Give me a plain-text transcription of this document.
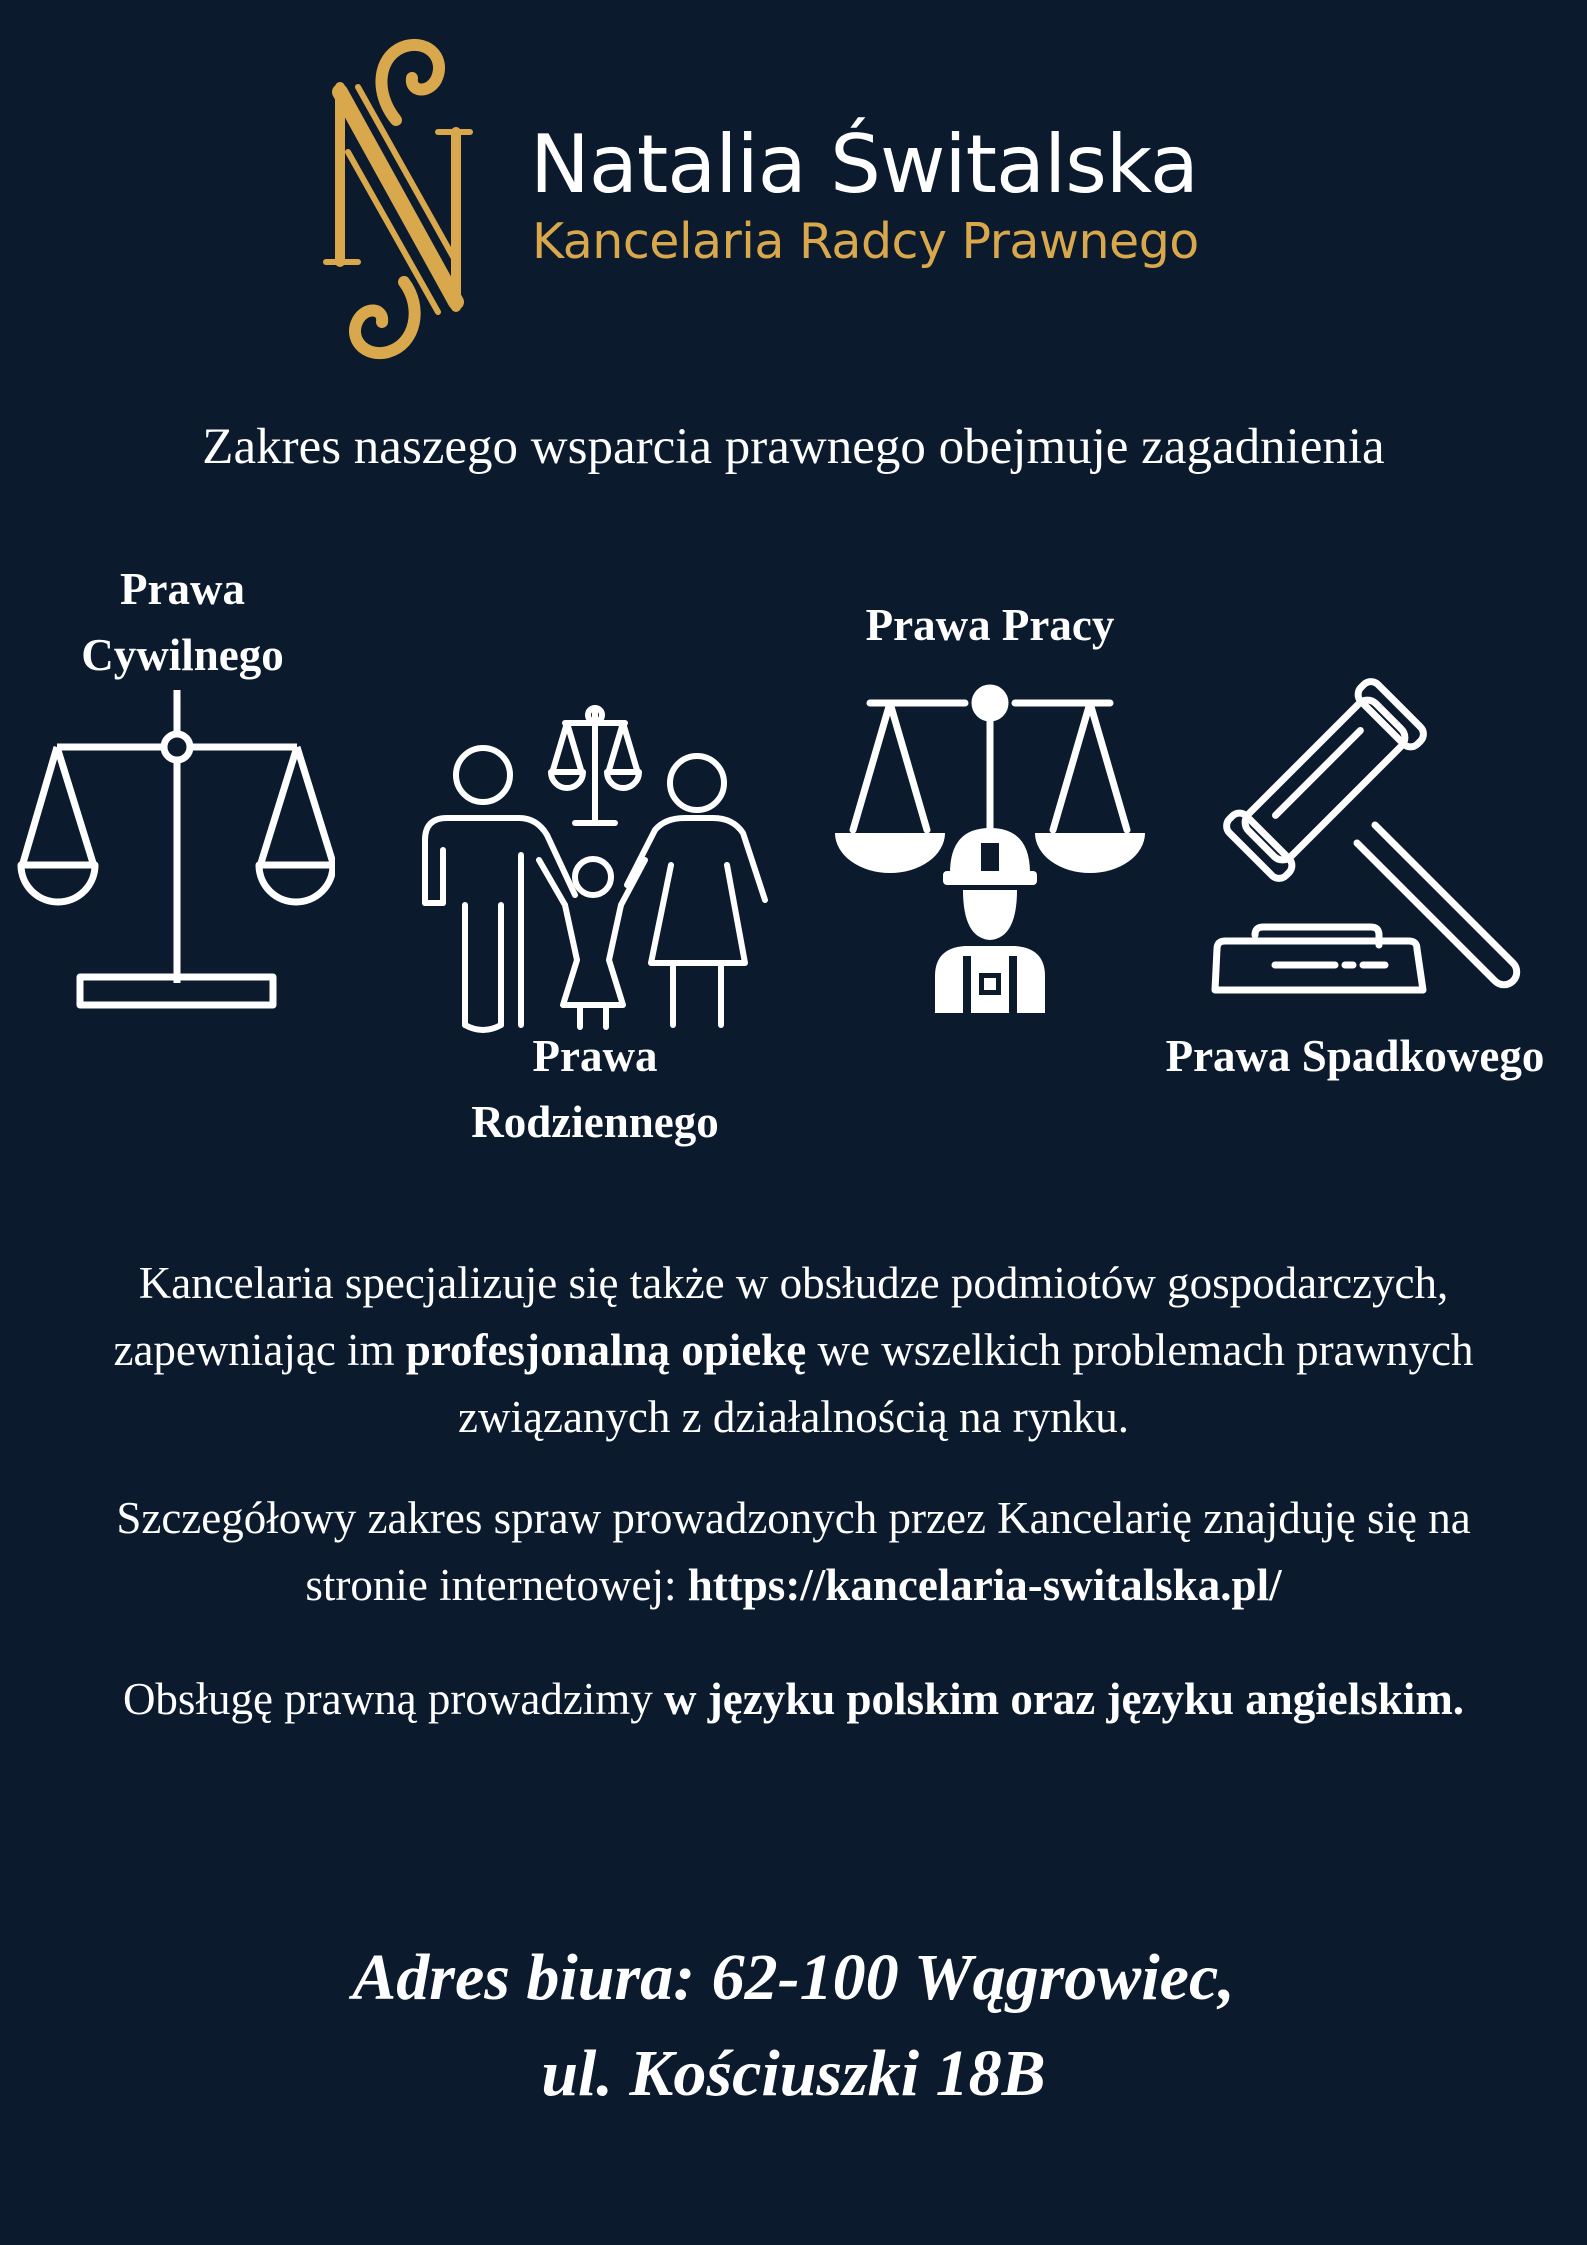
Natalia Świtalska
Kancelaria Radcy Prawnego
Zakres naszego wsparcia prawnego obejmuje zagadnienia
Prawa
Cywilnego
Prawa Pracy
Prawa
Rodziennego
Prawa Spadkowego
Kancelaria specjalizuje się także w obsłudze podmiotów gospodarczych,
zapewniając im profesjonalną opiekę we wszelkich problemach prawnych
związanych z działalnością na rynku.
Szczegółowy zakres spraw prowadzonych przez Kancelarię znajduję się na
stronie internetowej: https://kancelaria-switalska.pl/
Obsługę prawną prowadzimy w języku polskim oraz języku angielskim.
Adres biura: 62-100 Wągrowiec,
ul. Kościuszki 18B
